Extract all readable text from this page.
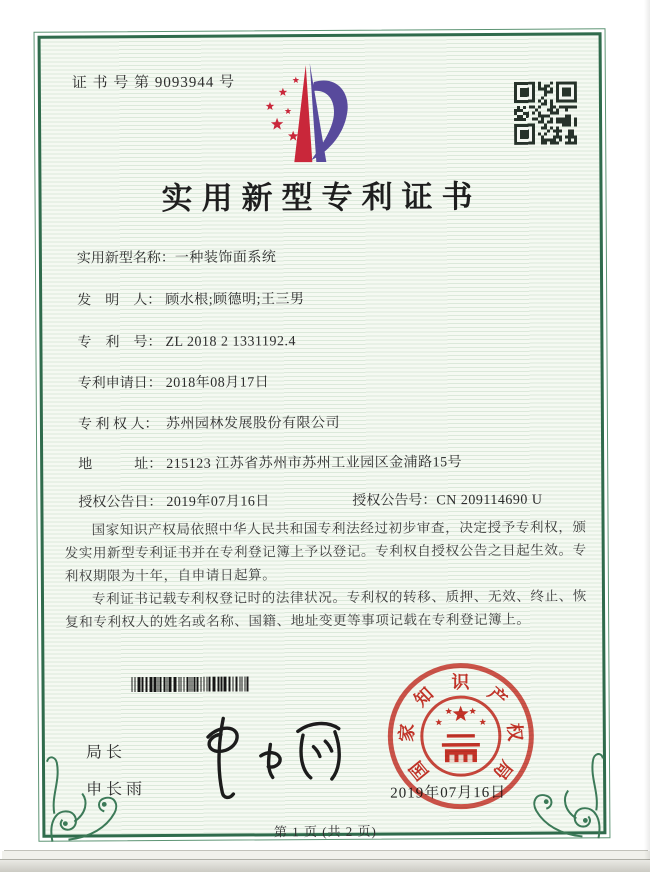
证 书 号 第 9093944 号
实用新型专利证书
实用新型名称：一种装饰面系统
发　明　人： 顾水根;顾德明;王三男
专　利　号： ZL 2018 2 1331192.4
专利申请日： 2018年08月17日
专 利 权 人： 苏州园林发展股份有限公司
地　　　址： 215123 江苏省苏州市苏州工业园区金浦路15号
授权公告日： 2019年07月16日	授权公告号：CN 209114690 U

国家知识产权局依照中华人民共和国专利法经过初步审查，决定授予专利权，颁发实用新型专利证书并在专利登记簿上予以登记。专利权自授权公告之日起生效。专利权期限为十年，自申请日起算。

专利证书记载专利权登记时的法律状况。专利权的转移、质押、无效、终止、恢复和专利权人的姓名或名称、国籍、地址变更等事项记载在专利登记簿上。

局长
申长雨
国
家
知
识
产
权
局
2019年07月16日
第 1 页 (共 2 页)
